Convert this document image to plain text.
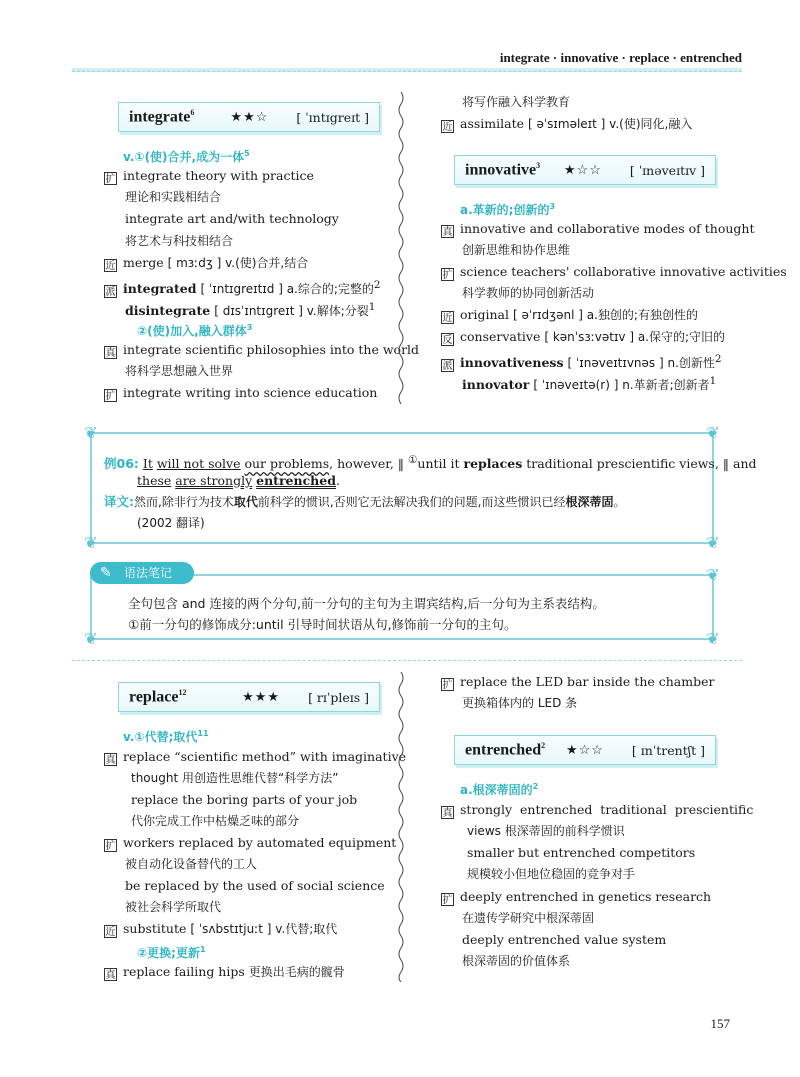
integrate · innovative · replace · entrenched
integrate$^6$	★★☆ [ ˈɪntɪgreɪt ]
v.①(使)合并,成为一体$^5$
扩 integrate theory with practice
理论和实践相结合
integrate art and/with technology
将艺术与科技相结合
近 merge [ mɜːdʒ ] v.(使)合并,结合
派 integrated [ ˈɪntɪgreɪtɪd ] a.综合的;完整的$^2$
disintegrate [ dɪsˈɪntɪgreɪt ] v.解体;分裂$^1$
②(使)加入,融入群体$^3$
真 integrate scientific philosophies into the world
将科学思想融入世界
扩 integrate writing into science education
将写作融入科学教育
近 assimilate [ əˈsɪməleɪt ] v.(使)同化,融入
innovative$^3$ ★☆☆ [ ˈɪnəveɪtɪv ]
a.革新的;创新的$^3$
真 innovative and collaborative modes of thought
创新思维和协作思维
扩 science teachers' collaborative innovative activities
科学教师的协同创新活动
近 original [ əˈrɪdʒənl ] a.独创的;有独创性的
反 conservative [ kənˈsɜːvətɪv ] a.保守的;守旧的
派 innovativeness [ ˈɪnəveɪtɪvnəs ] n.创新性$^2$
innovator [ ˈɪnəveɪtə(r) ] n.革新者;创新者$^1$
❦	❦
❦	❦
例06: It will not solve our problems, however, ‖ ①until it replaces traditional prescientific views, ‖ and
these are strongly entrenched.
译文:然而,除非行为技术取代前科学的惯识,否则它无法解决我们的问题,而这些惯识已经根深蒂固。
(2002 翻译)
❦
❦	❦
✎ 语法笔记
全句包含 and 连接的两个分句,前一分句的主句为主谓宾结构,后一分句为主系表结构。
①前一分句的修饰成分:until 引导时间状语从句,修饰前一分句的主句。
replace$^{12}$	★★★ [ rɪˈpleɪs ]
v.①代替;取代$^{11}$
真 replace “scientific method” with imaginative
thought 用创造性思维代替“科学方法”
replace the boring parts of your job
代你完成工作中枯燥乏味的部分
扩 workers replaced by automated equipment
被自动化设备替代的工人
be replaced by the used of social science
被社会科学所取代
近 substitute [ ˈsʌbstɪtjuːt ] v.代替;取代
②更换;更新$^1$
真 replace failing hips 更换出毛病的髋骨
扩 replace the LED bar inside the chamber
更换箱体内的 LED 条
entrenched$^2$ ★☆☆ [ ɪnˈtrentʃt ]
a.根深蒂固的$^2$
真 strongly  entrenched  traditional  prescientific
views 根深蒂固的前科学惯识
smaller but entrenched competitors
规模较小但地位稳固的竞争对手
扩 deeply entrenched in genetics research
在遗传学研究中根深蒂固
deeply entrenched value system
根深蒂固的价值体系
157
